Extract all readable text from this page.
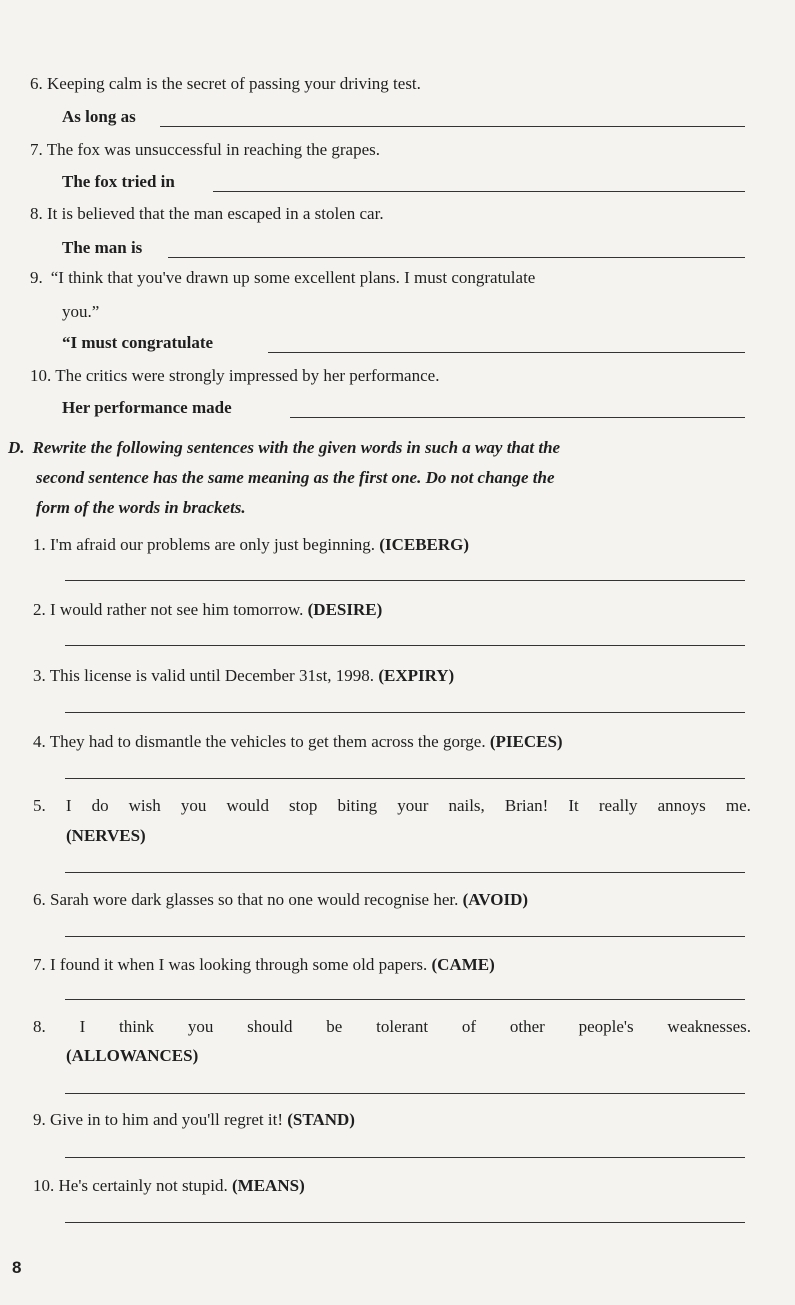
6. Keeping calm is the secret of passing your driving test.
As long as
7. The fox was unsuccessful in reaching the grapes.
The fox tried in
8. It is believed that the man escaped in a stolen car.
The man is
9. “I think that you've drawn up some excellent plans. I must congratulate
you.”
“I must congratulate
10. The critics were strongly impressed by her performance.
Her performance made
D. Rewrite the following sentences with the given words in such a way that the
second sentence has the same meaning as the first one. Do not change the
form of the words in brackets.
1. I'm afraid our problems are only just beginning. (ICEBERG)
2. I would rather not see him tomorrow. (DESIRE)
3. This license is valid until December 31st, 1998. (EXPIRY)
4. They had to dismantle the vehicles to get them across the gorge. (PIECES)
5. I do wish you would stop biting your nails, Brian! It really annoys me.
(NERVES)
6. Sarah wore dark glasses so that no one would recognise her. (AVOID)
7. I found it when I was looking through some old papers. (CAME)
8. I think you should be tolerant of other people's weaknesses.
(ALLOWANCES)
9. Give in to him and you'll regret it! (STAND)
10. He's certainly not stupid. (MEANS)
8
